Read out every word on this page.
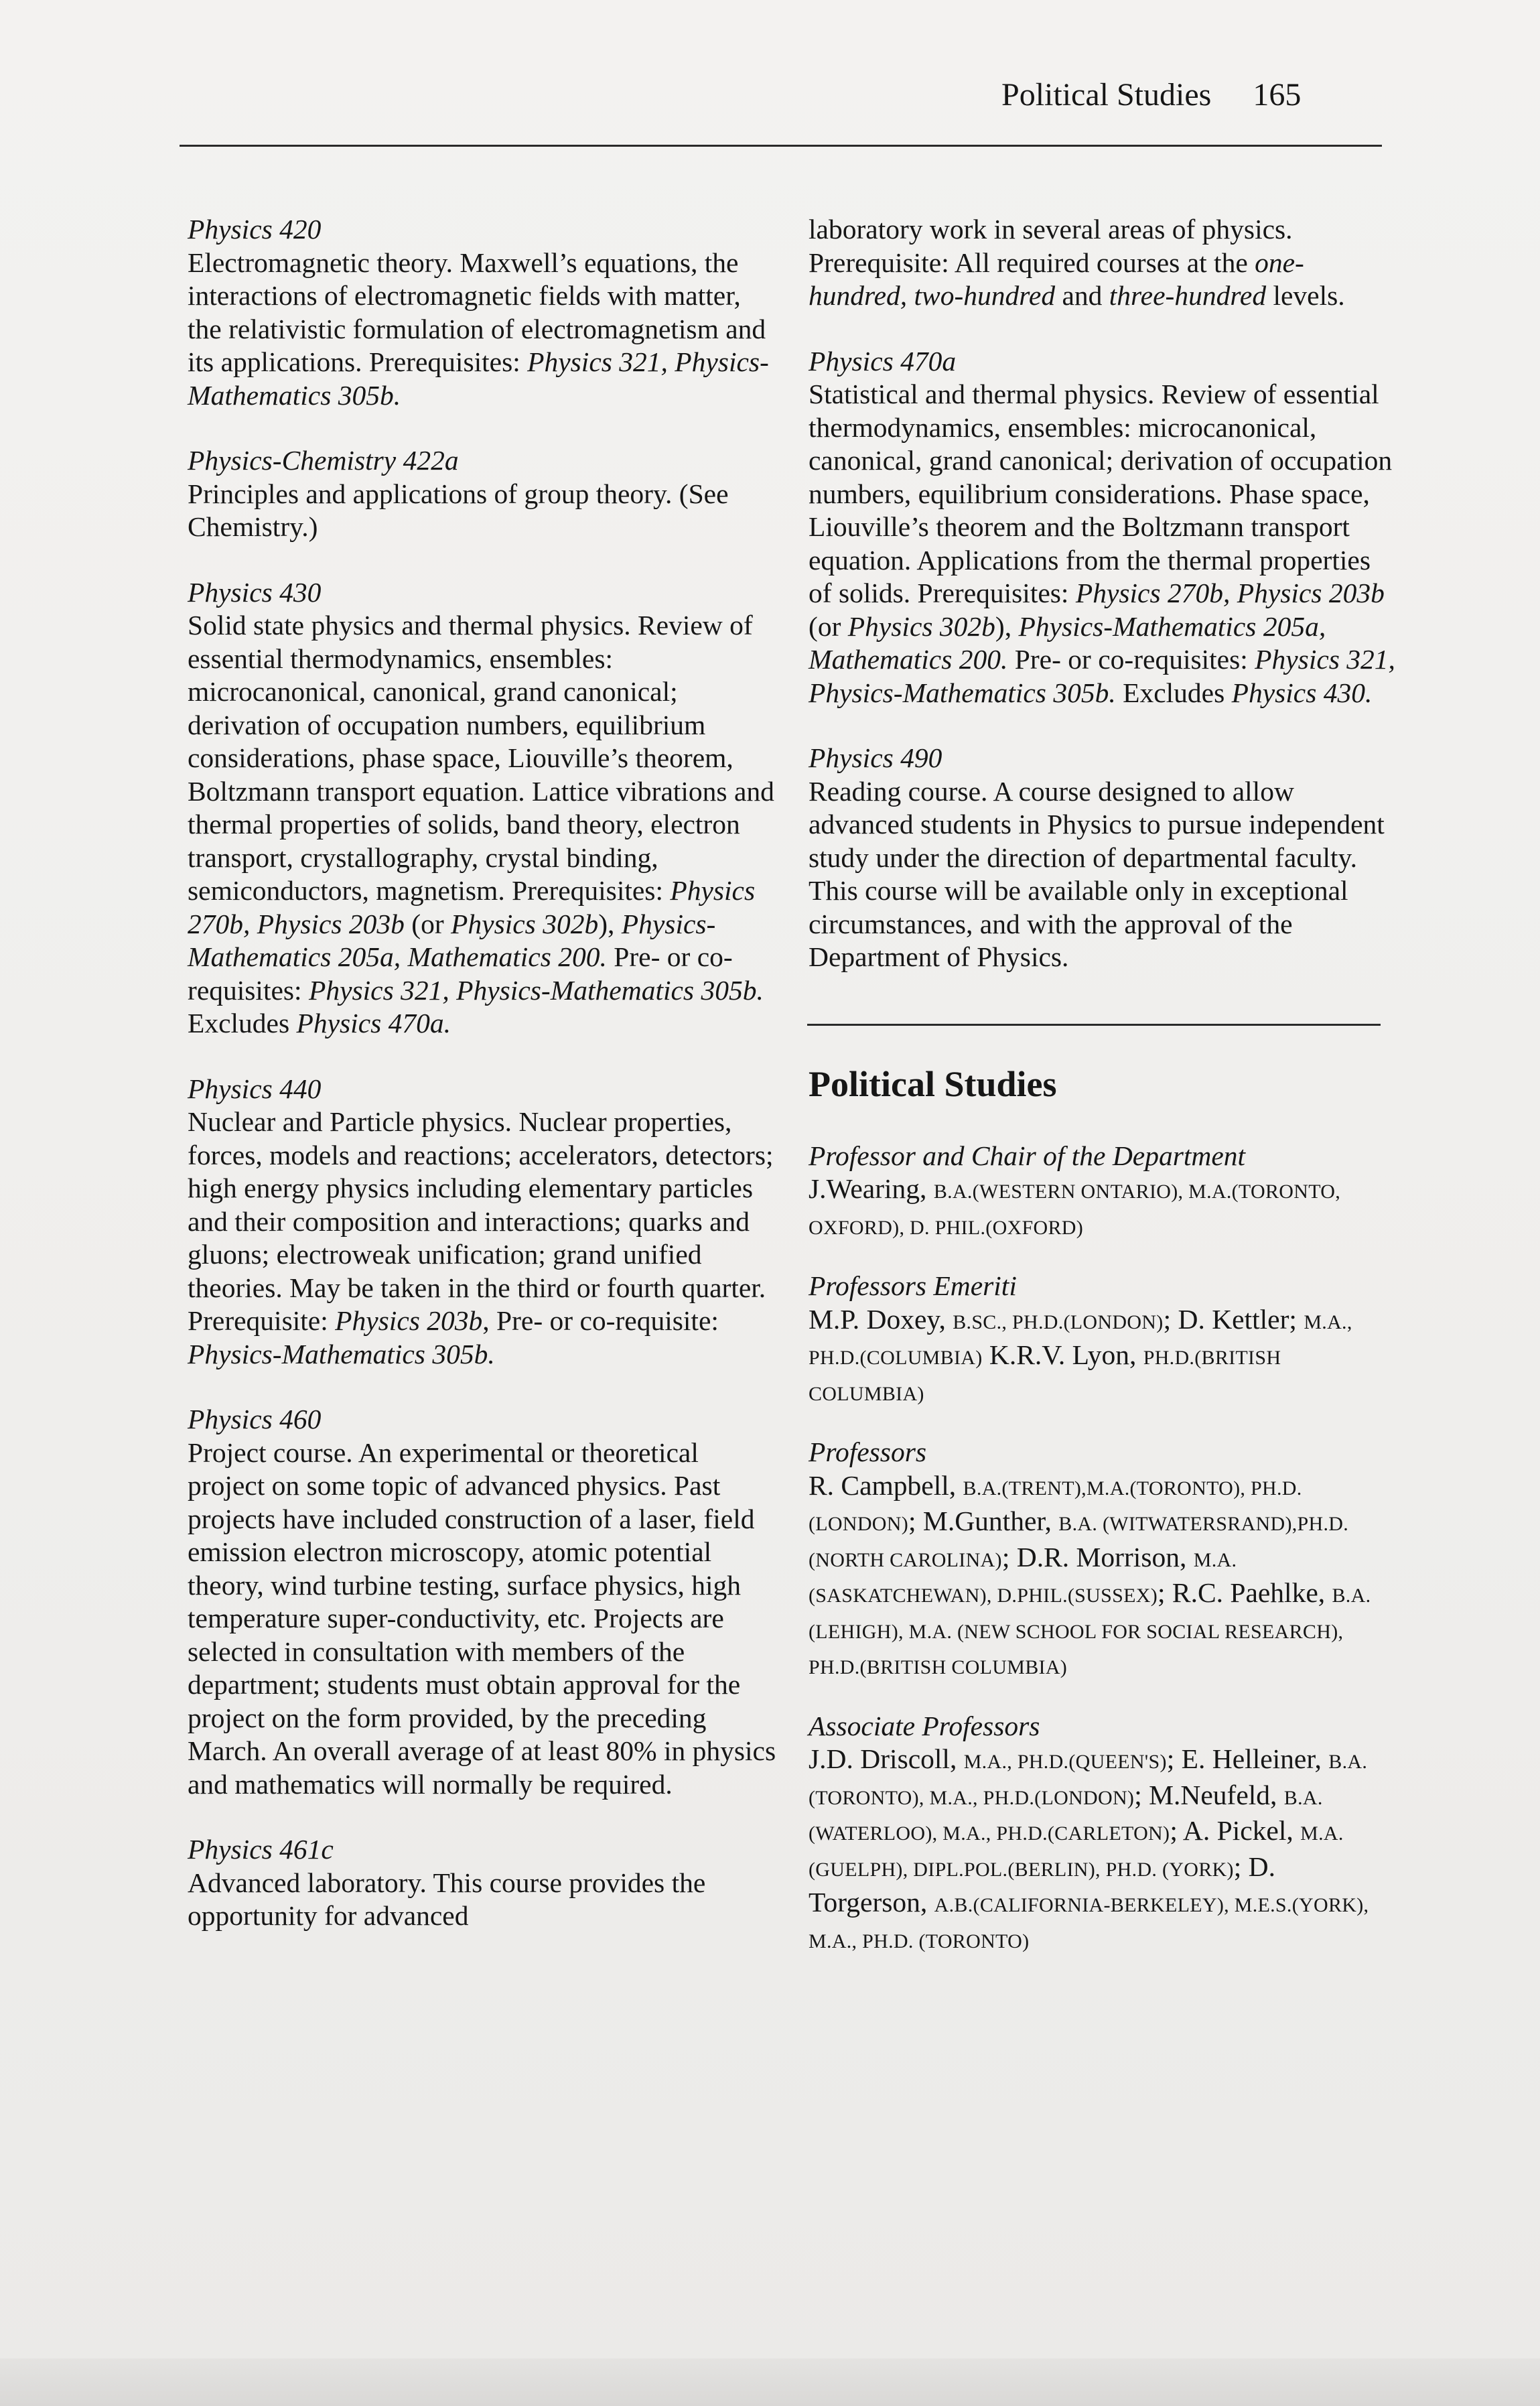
Political Studies 165
Physics 420
Electromagnetic theory. Maxwell’s equations, the interactions of electromagnetic fields with matter, the relativistic formulation of electromagnetism and its applications. Prerequisites: Physics 321, Physics-Mathematics 305b.
Physics-Chemistry 422a
Principles and applications of group theory. (See Chemistry.)
Physics 430
Solid state physics and thermal physics. Review of essential thermodynamics, ensembles: microcanonical, canonical, grand canonical; derivation of occupation numbers, equilibrium considerations, phase space, Liouville’s theorem, Boltzmann transport equation. Lattice vibrations and thermal properties of solids, band theory, electron transport, crystallography, crystal binding, semiconductors, magnetism. Prerequisites: Physics 270b, Physics 203b (or Physics 302b), Physics-Mathematics 205a, Mathematics 200. Pre- or co-requisites: Physics 321, Physics-Mathematics 305b. Excludes Physics 470a.
Physics 440
Nuclear and Particle physics. Nuclear properties, forces, models and reactions; accelerators, detectors; high energy physics including elementary particles and their composition and interactions; quarks and gluons; electroweak unification; grand unified theories. May be taken in the third or fourth quarter. Prerequisite: Physics 203b, Pre- or co-requisite: Physics-Mathematics 305b.
Physics 460
Project course. An experimental or theoretical project on some topic of advanced physics. Past projects have included construction of a laser, field emission electron microscopy, atomic potential theory, wind turbine testing, surface physics, high temperature super-conductivity, etc. Projects are selected in consultation with members of the department; students must obtain approval for the project on the form provided, by the preceding March. An overall average of at least 80% in physics and mathematics will normally be required.
Physics 461c
Advanced laboratory. This course provides the opportunity for advanced
laboratory work in several areas of physics. Prerequisite: All required courses at the one-hundred, two-hundred and three-hundred levels.
Physics 470a
Statistical and thermal physics. Review of essential thermodynamics, ensembles: microcanonical, canonical, grand canonical; derivation of occupation numbers, equilibrium considerations. Phase space, Liouville’s theorem and the Boltzmann transport equation. Applications from the thermal properties of solids. Prerequisites: Physics 270b, Physics 203b (or Physics 302b), Physics-Mathematics 205a, Mathematics 200. Pre- or co-requisites: Physics 321, Physics-Mathematics 305b. Excludes Physics 430.
Physics 490
Reading course. A course designed to allow advanced students in Physics to pursue independent study under the direction of departmental faculty. This course will be available only in exceptional circumstances, and with the approval of the Department of Physics.
Political Studies
Professor and Chair of the Department
J.Wearing, B.A.(WESTERN ONTARIO), M.A.(TORONTO, OXFORD), D. PHIL.(OXFORD)
Professors Emeriti
M.P. Doxey, B.SC., PH.D.(LONDON); D. Kettler; M.A., PH.D.(COLUMBIA) K.R.V. Lyon, PH.D.(BRITISH COLUMBIA)
Professors
R. Campbell, B.A.(TRENT),M.A.(TORONTO), PH.D.(LONDON); M.Gunther, B.A. (WITWATERSRAND),PH.D. (NORTH CAROLINA); D.R. Morrison, M.A. (SASKATCHEWAN), D.PHIL.(SUSSEX); R.C. Paehlke, B.A. (LEHIGH), M.A. (NEW SCHOOL FOR SOCIAL RESEARCH), PH.D.(BRITISH COLUMBIA)
Associate Professors
J.D. Driscoll, M.A., PH.D.(QUEEN'S); E. Helleiner, B.A.(TORONTO), M.A., PH.D.(LONDON); M.Neufeld, B.A.(WATERLOO), M.A., PH.D.(CARLETON); A. Pickel, M.A.(GUELPH), DIPL.POL.(BERLIN), PH.D. (YORK); D. Torgerson, A.B.(CALIFORNIA-BERKELEY), M.E.S.(YORK), M.A., PH.D. (TORONTO)
